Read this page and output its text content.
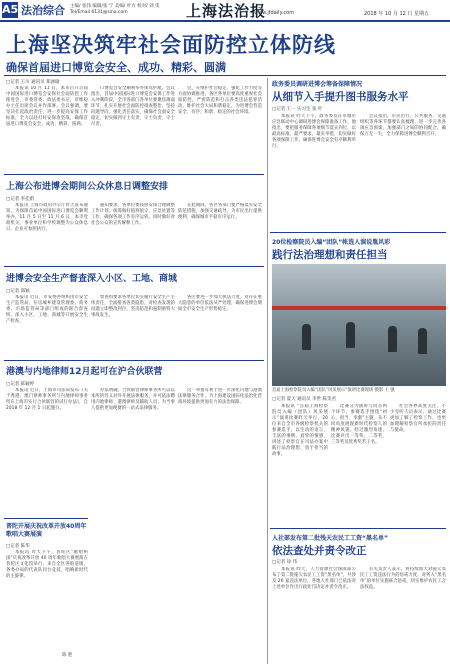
A5 法治综合 主编/ 张伟 编辑/张 宁 美编/ 叶方 校对/ 刘 雯 Tel/Email 6131@sina.com	上海法治报
www.jfdaily.com	2018 年 10 月 12 日 星期五
上海坚决筑牢社会面防控立体防线
确保首届进口博览会安全、成功、精彩、圆满
□记者 王川 通讯员 郑涵瑜
本报讯 10 月 11 日，本市召开首届中国国际进口博览会安保社会面防控工作推进会，市委常委、政法委书记、市维稳办主任出席会议并作部署。会议强调，要坚决扛起政治责任，进一步提高安保工作标准，全力以赴打好安保攻坚战，确保首届进口博览会安全、成功、精彩、圆满。
口博览会安全顺利举办保驾护航。会议指出，首届中国国际进口博览会安保工作进入冲刺阶段，全市各部门各单位要聚焦薄弱环节，扎实开展社会面防控排查整治，坚持问题导向，强化责任落实，确保社会面安全稳定，切实做到守土有责、守土负责、守土尽责。
会，在维护社会稳定、强化工作力度等方面协调推进，各区各单位要高度重视社会面防控，严密防范和打击各类违法犯罪活动，维护社会大局和谐稳定，为进博会营造安全、有序、和谐、稳定的社会环境。
政务委员调研进博会筹备保障情况
从细节入手提升图书服务水平
□记者 王一 实习生 张 叶
本报讯 昨天下午，政务委员在市城市应急联动中心调研进博会保障准备工作。他指出，要把服务保障各项细节落实到位，以最高标准、最严要求、最实举措，切实做好各项保障工作，确保进博会安全有序顺利举行。
会议指出，市民出行、公共服务、交通组织等各环节都要认真梳理，进一步完善各项应急预案，加强部门之间的协同配合，确保万无一失，全力保障进博会顺利召开。
20位检察院员入编“团队”帐选人演说胤风彩
践行法治理想和责任担当
首届上海检察院员入编“团队”风采展示”演讲比赛现场 摄影 王 强
□记者 夏天 通讯员 李世 陈雯君
本报讯 “首届上海检察院员入编（团队）风采展示”演讲比赛昨天举行，20 位来自全市各级检察机关的参赛选手，以生动的语言、丰富的事例、真挚的情感，讲述了检察官在司法办案中践行法治理想、勇于担当的故事。
比赛分为演讲与问答两个环节，参赛选手围绕“初心、担当、奉献”主题，从不同角度展现新时代检察人的精神风貌。经过激烈角逐，比赛评出一等奖、二等奖、三等奖及优秀奖若干名。
社会各界高度关注，不少旁听人员表示，通过比赛更加了解了检察工作，也更加理解检察官所承担的责任与使命。
人社部发布第二批残天农民工工资“黑名单”
依法查处并责令改正
□记者 徐 伟
本报讯 昨天，人力资源社会保障部公布了第二批拖欠农民工工资“黑名单”，共涉及 20 家违法单位，各地人社部门已依法对上述单位作出行政处罚决定并责令改正。
有关负责人表示，将持续加大对拖欠农民工工资违法行为的惩戒力度，对列入“黑名单”的单位实施联合惩戒，切实维护农民工合法权益。
上海公布进博会期间公众休息日调整安排
□记者 李佳蔚
本报讯 上海市政府办公厅昨天发布通知，为保障首届中国国际进口博览会顺利举办，11 月 5 日至 11 月 6 日，本市党政机关、事业单位和学校调整为公众休息日，企业可参照执行。
通知要求，各单位要按照安排合理调整工作计划，统筹做好值班值守、应急处置等工作，确保各项工作有序运转。同时做好对社会公众的宣传解释工作。
在此期间，各区各部门要严格落实安全防范措施，加强交通疏导，为市民出行提供便利，确保城市平稳有序运行。
进博会安全生产督查深入小区、工地、商城
□记者 邵颖
本报讯 近日，市安委办组织由市安全生产监管局、住房城乡建设管理委、商务委、市场监管局等部门组成的联合督查组，深入小区、工地、商城等开展安全生产检查。
督查组要求各单位切实履行安全生产主体责任，全面排查各类隐患，对检查发现的问题立即整改到位，坚决防范和遏制重特大事故发生。
各区要进一步加大执法力度，对存在重大隐患的单位依法从严处理，确保进博会期间全市安全生产形势稳定。
港澳与内地律师12月起可在沪合伙联营
□记者 陈颖婷
本报讯 近日，上海市司法局发布《关于香港、澳门律师事务所与内地律师事务所在上海市实行合伙联营的试行办法》，自 2018 年 12 月 1 日起施行。
办法明确，合伙联营律师事务所可以以本所的名义对外开展法律服务，并可依法聘用内地律师、港澳律师及辅助人员，为当事人提供更加便捷的一站式法律服务。
这一举措有利于进一步深化内地与港澳法律服务合作，为上海建设国际化法治化营商环境提供更加有力的法治保障。
普陀开展庆祝改革开放40周年歌唱大赛展演
□记者 陈华
本报讯 昨天下午，普陀区“歌唱祖国”庆祝改革开放 40 周年歌唱大赛展演在普陀区文化馆举行，来自全区各街道镇、各委办局的代表队同台竞技，唱响新时代的主旋律。
陈 胜
